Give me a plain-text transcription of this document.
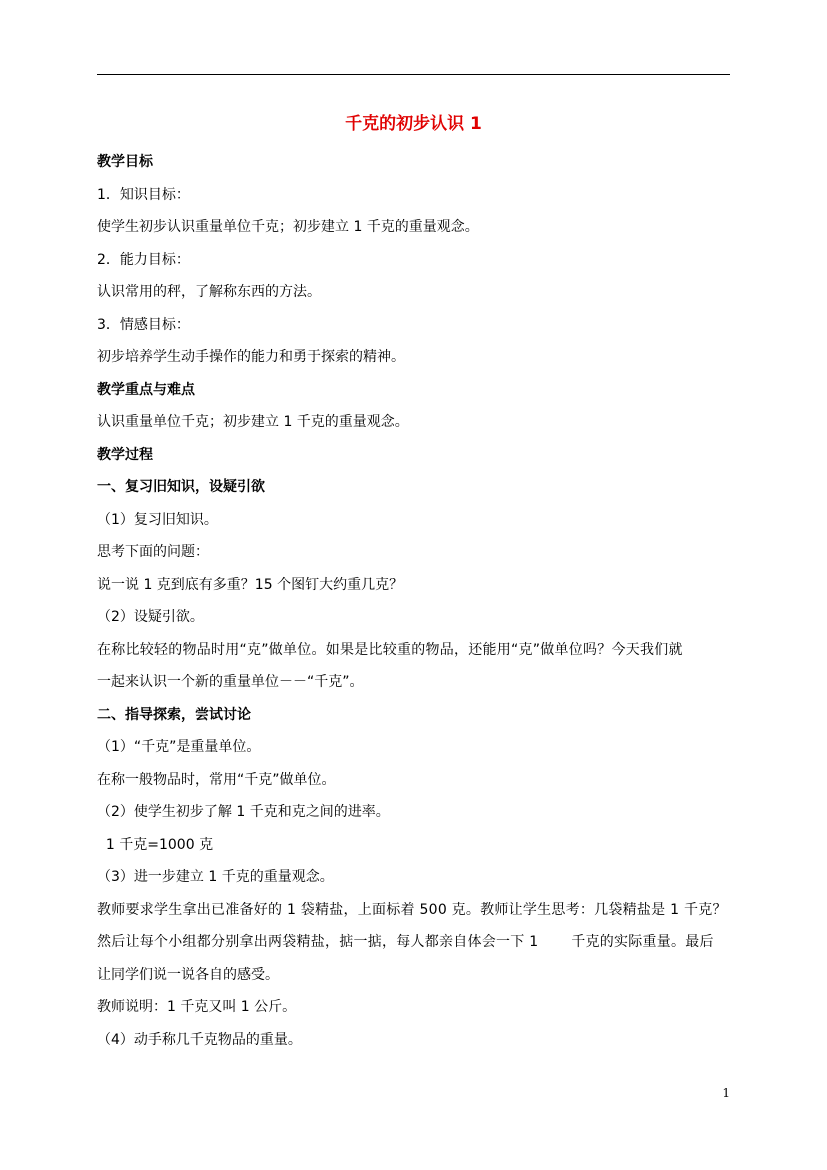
千克的初步认识 1
教学目标
1．知识目标：
使学生初步认识重量单位千克；初步建立 1 千克的重量观念。
2．能力目标：
认识常用的秤，了解称东西的方法。
3．情感目标：
初步培养学生动手操作的能力和勇于探索的精神。
教学重点与难点
认识重量单位千克；初步建立 1 千克的重量观念。
教学过程
一、复习旧知识，设疑引欲
（1）复习旧知识。
思考下面的问题：
说一说 1 克到底有多重？15 个图钉大约重几克？
（2）设疑引欲。
在称比较轻的物品时用“克”做单位。如果是比较重的物品，还能用“克”做单位吗？今天我们就
一起来认识一个新的重量单位－－“千克”。
二、指导探索，尝试讨论
（1）“千克”是重量单位。
在称一般物品时，常用“千克”做单位。
（2）使学生初步了解 1 千克和克之间的进率。
1 千克=1000 克
（3）进一步建立 1 千克的重量观念。
教师要求学生拿出已准备好的 1 袋精盐，上面标着 500 克。教师让学生思考：几袋精盐是 1 千克？
然后让每个小组都分别拿出两袋精盐，掂一掂，每人都亲自体会一下 1       千克的实际重量。最后
让同学们说一说各自的感受。
教师说明：1 千克又叫 1 公斤。
（4）动手称几千克物品的重量。
1
